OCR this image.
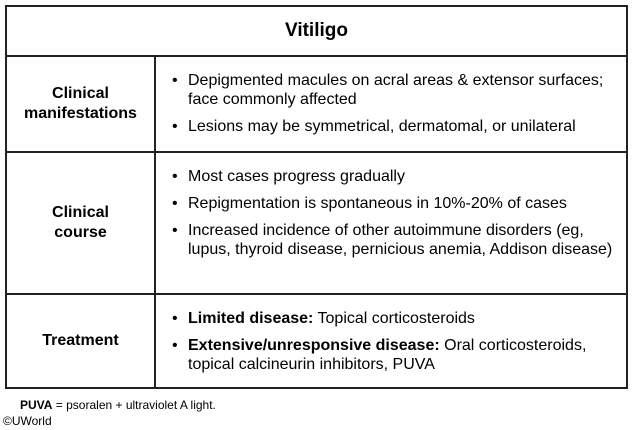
Vitiligo
Clinical manifestations
• Depigmented macules on acral areas & extensor surfaces; face commonly affected
• Lesions may be symmetrical, dermatomal, or unilateral
Clinical course
• Most cases progress gradually
• Repigmentation is spontaneous in 10%-20% of cases
• Increased incidence of other autoimmune disorders (eg, lupus, thyroid disease, pernicious anemia, Addison disease)
Treatment
• Limited disease: Topical corticosteroids
• Extensive/unresponsive disease: Oral corticosteroids, topical calcineurin inhibitors, PUVA
PUVA = psoralen + ultraviolet A light.
©UWorld
